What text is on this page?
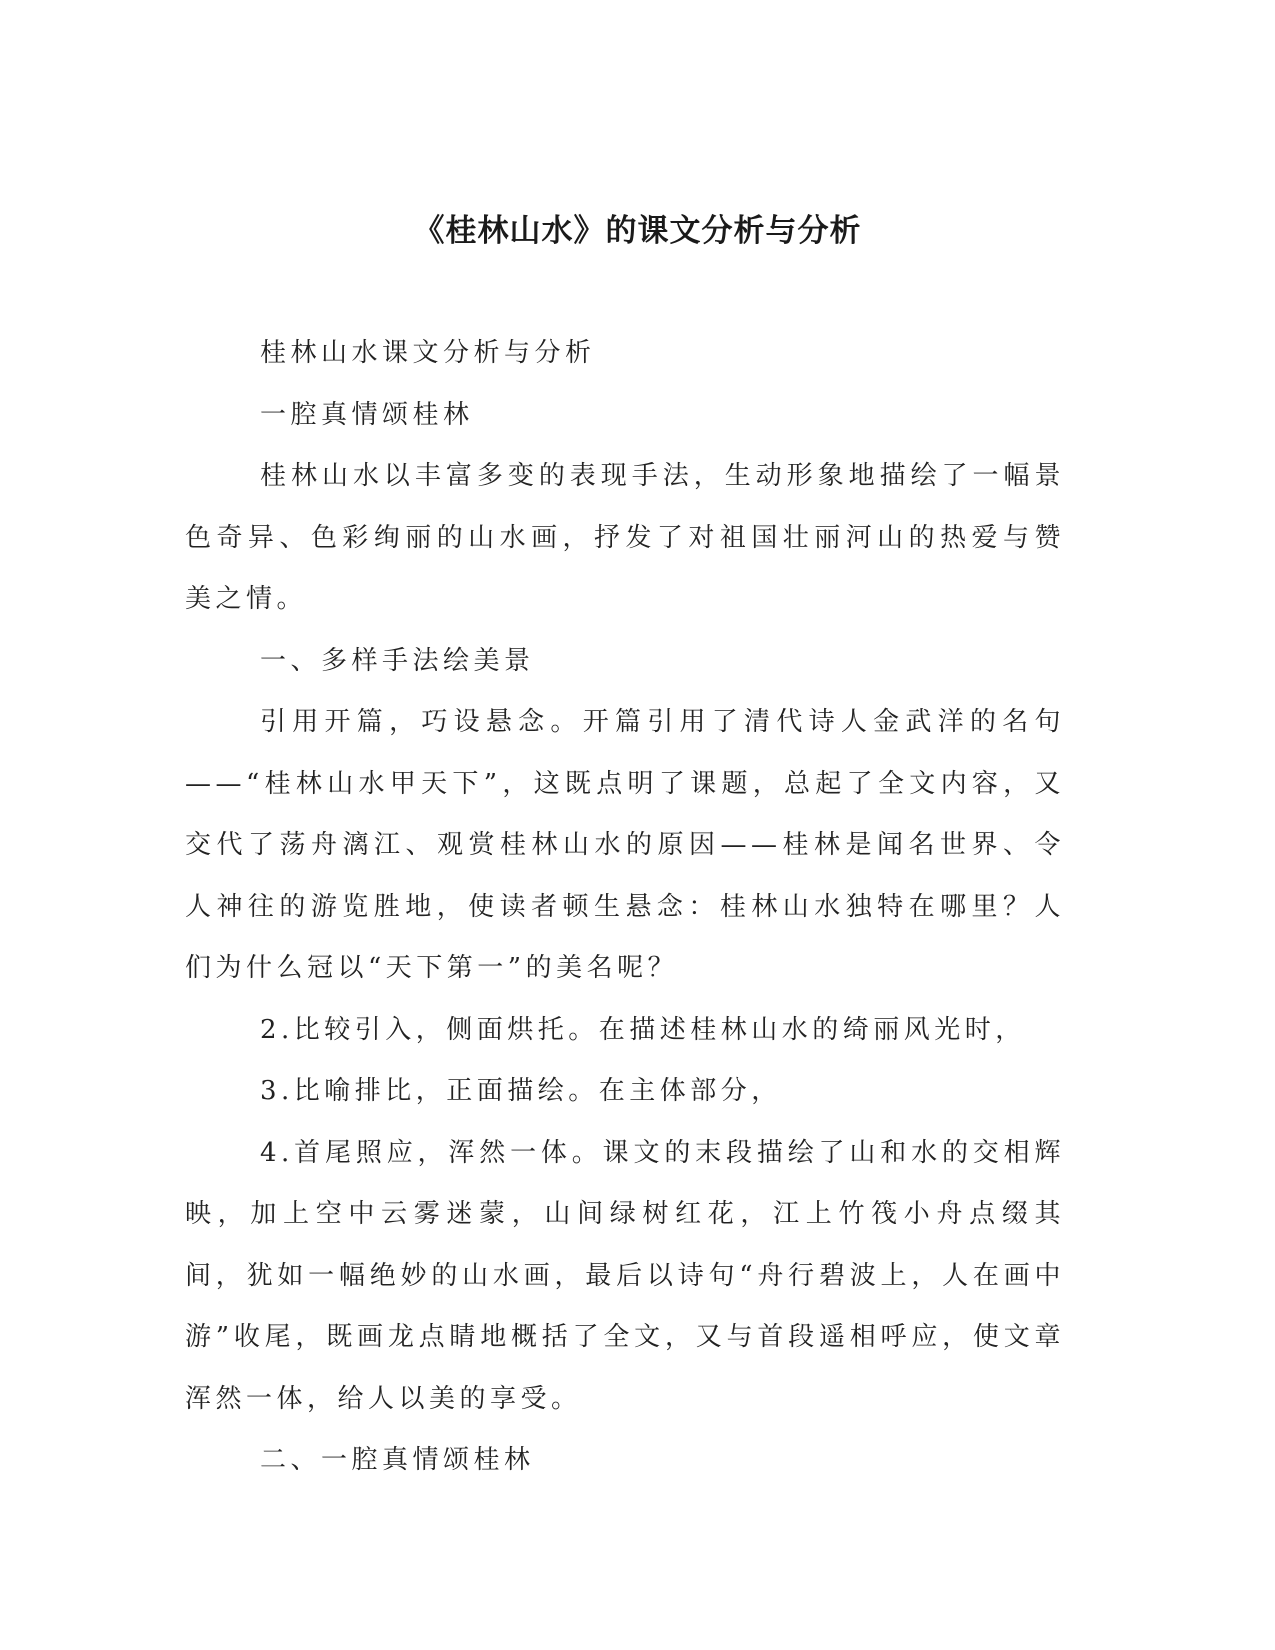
《桂林山水》的课文分析与分析

桂林山水课文分析与分析

一腔真情颂桂林

桂林山水以丰富多变的表现手法，生动形象地描绘了一幅景色奇异、色彩绚丽的山水画，抒发了对祖国壮丽河山的热爱与赞美之情。

一、多样手法绘美景

引用开篇，巧设悬念。开篇引用了清代诗人金武洋的名句——“桂林山水甲天下”，这既点明了课题，总起了全文内容，又交代了荡舟漓江、观赏桂林山水的原因——桂林是闻名世界、令人神往的游览胜地，使读者顿生悬念：桂林山水独特在哪里？人们为什么冠以“天下第一”的美名呢？

2.比较引入，侧面烘托。在描述桂林山水的绮丽风光时，

3.比喻排比，正面描绘。在主体部分，

4.首尾照应，浑然一体。课文的末段描绘了山和水的交相辉映，加上空中云雾迷蒙，山间绿树红花，江上竹筏小舟点缀其间，犹如一幅绝妙的山水画，最后以诗句“舟行碧波上，人在画中游”收尾，既画龙点睛地概括了全文，又与首段遥相呼应，使文章浑然一体，给人以美的享受。

二、一腔真情颂桂林
